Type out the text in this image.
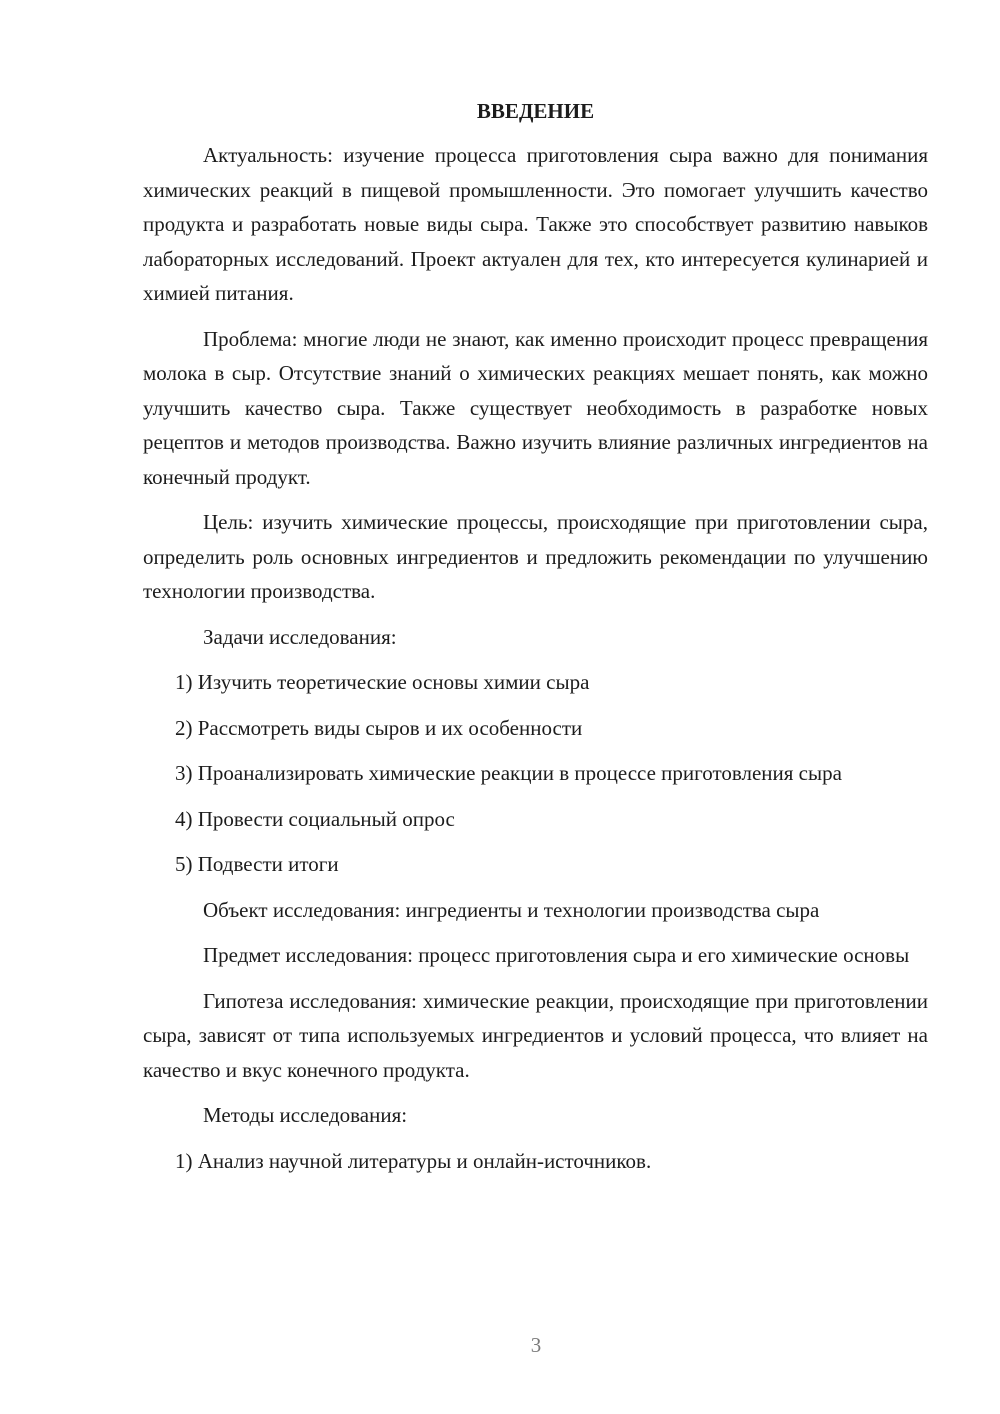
ВВЕДЕНИЕ

Актуальность: изучение процесса приготовления сыра важно для понимания химических реакций в пищевой промышленности. Это помогает улучшить качество продукта и разработать новые виды сыра. Также это способствует развитию навыков лабораторных исследований. Проект актуален для тех, кто интересуется кулинарией и химией питания.

Проблема: многие люди не знают, как именно происходит процесс превращения молока в сыр. Отсутствие знаний о химических реакциях мешает понять, как можно улучшить качество сыра. Также существует необходимость в разработке новых рецептов и методов производства. Важно изучить влияние различных ингредиентов на конечный продукт.

Цель: изучить химические процессы, происходящие при приготовлении сыра, определить роль основных ингредиентов и предложить рекомендации по улучшению технологии производства.

Задачи исследования:

1) Изучить теоретические основы химии сыра

2) Рассмотреть виды сыров и их особенности

3) Проанализировать химические реакции в процессе приготовления сыра

4) Провести социальный опрос

5) Подвести итоги

Объект исследования: ингредиенты и технологии производства сыра

Предмет исследования: процесс приготовления сыра и его химические основы

Гипотеза исследования: химические реакции, происходящие при приготовлении сыра, зависят от типа используемых ингредиентов и условий процесса, что влияет на качество и вкус конечного продукта.

Методы исследования:

1) Анализ научной литературы и онлайн-источников.

3
